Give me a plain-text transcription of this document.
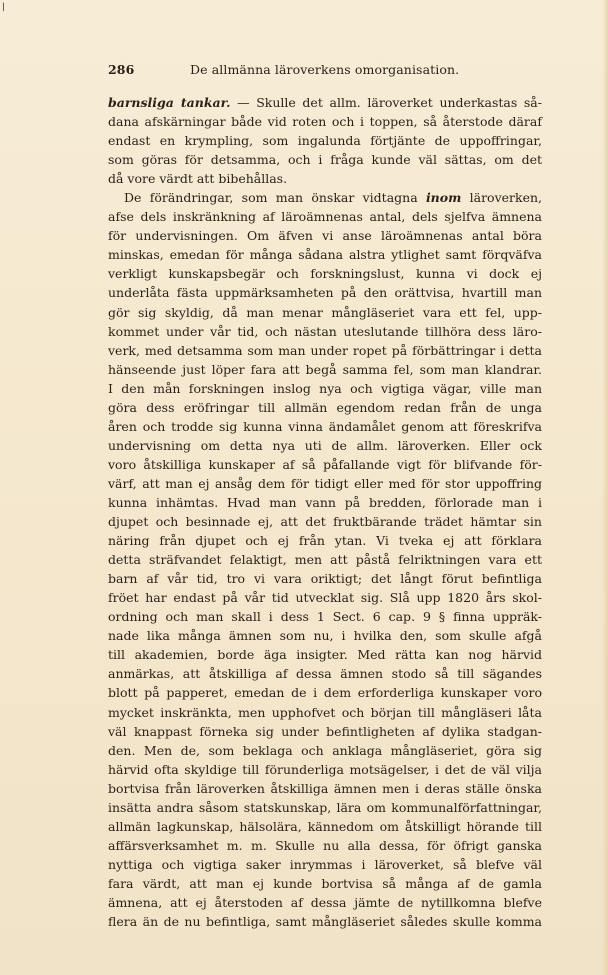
/
286	De allmänna läroverkens omorganisation.
barnsliga tankar. — Skulle det allm. läroverket underkastas så-
dana afskärningar både vid roten och i toppen, så återstode däraf
endast en krympling, som ingalunda förtjänte de uppoffringar,
som göras för detsamma, och i fråga kunde väl sättas, om det
då vore värdt att bibehållas.
De förändringar, som man önskar vidtagna inom läroverken,
afse dels inskränkning af läroämnenas antal, dels sjelfva ämnena
för undervisningen. Om äfven vi anse läroämnenas antal böra
minskas, emedan för många sådana alstra ytlighet samt förqväfva
verkligt kunskapsbegär och forskningslust, kunna vi dock ej
underlåta fästa uppmärksamheten på den orättvisa, hvartill man
gör sig skyldig, då man menar mångläseriet vara ett fel, upp-
kommet under vår tid, och nästan uteslutande tillhöra dess läro-
verk, med detsamma som man under ropet på förbättringar i detta
hänseende just löper fara att begå samma fel, som man klandrar.
I den mån forskningen inslog nya och vigtiga vägar, ville man
göra dess eröfringar till allmän egendom redan från de unga
åren och trodde sig kunna vinna ändamålet genom att föreskrifva
undervisning om detta nya uti de allm. läroverken. Eller ock
voro åtskilliga kunskaper af så påfallande vigt för blifvande för-
värf, att man ej ansåg dem för tidigt eller med för stor uppoffring
kunna inhämtas. Hvad man vann på bredden, förlorade man i
djupet och besinnade ej, att det fruktbärande trädet hämtar sin
näring från djupet och ej från ytan. Vi tveka ej att förklara
detta sträfvandet felaktigt, men att påstå felriktningen vara ett
barn af vår tid, tro vi vara oriktigt; det långt förut befintliga
fröet har endast på vår tid utvecklat sig. Slå upp 1820 års skol-
ordning och man skall i dess 1 Sect. 6 cap. 9 § finna uppräk-
nade lika många ämnen som nu, i hvilka den, som skulle afgå
till akademien, borde äga insigter. Med rätta kan nog härvid
anmärkas, att åtskilliga af dessa ämnen stodo så till sägandes
blott på papperet, emedan de i dem erforderliga kunskaper voro
mycket inskränkta, men upphofvet och början till mångläseri låta
väl knappast förneka sig under befintligheten af dylika stadgan-
den. Men de, som beklaga och anklaga mångläseriet, göra sig
härvid ofta skyldige till förunderliga motsägelser, i det de väl vilja
bortvisa från läroverken åtskilliga ämnen men i deras ställe önska
insätta andra såsom statskunskap, lära om kommunalförfattningar,
allmän lagkunskap, hälsolära, kännedom om åtskilligt hörande till
affärsverksamhet m. m. Skulle nu alla dessa, för öfrigt ganska
nyttiga och vigtiga saker inrymmas i läroverket, så blefve väl
fara värdt, att man ej kunde bortvisa så många af de gamla
ämnena, att ej återstoden af dessa jämte de nytillkomna blefve
flera än de nu befintliga, samt mångläseriet således skulle komma
